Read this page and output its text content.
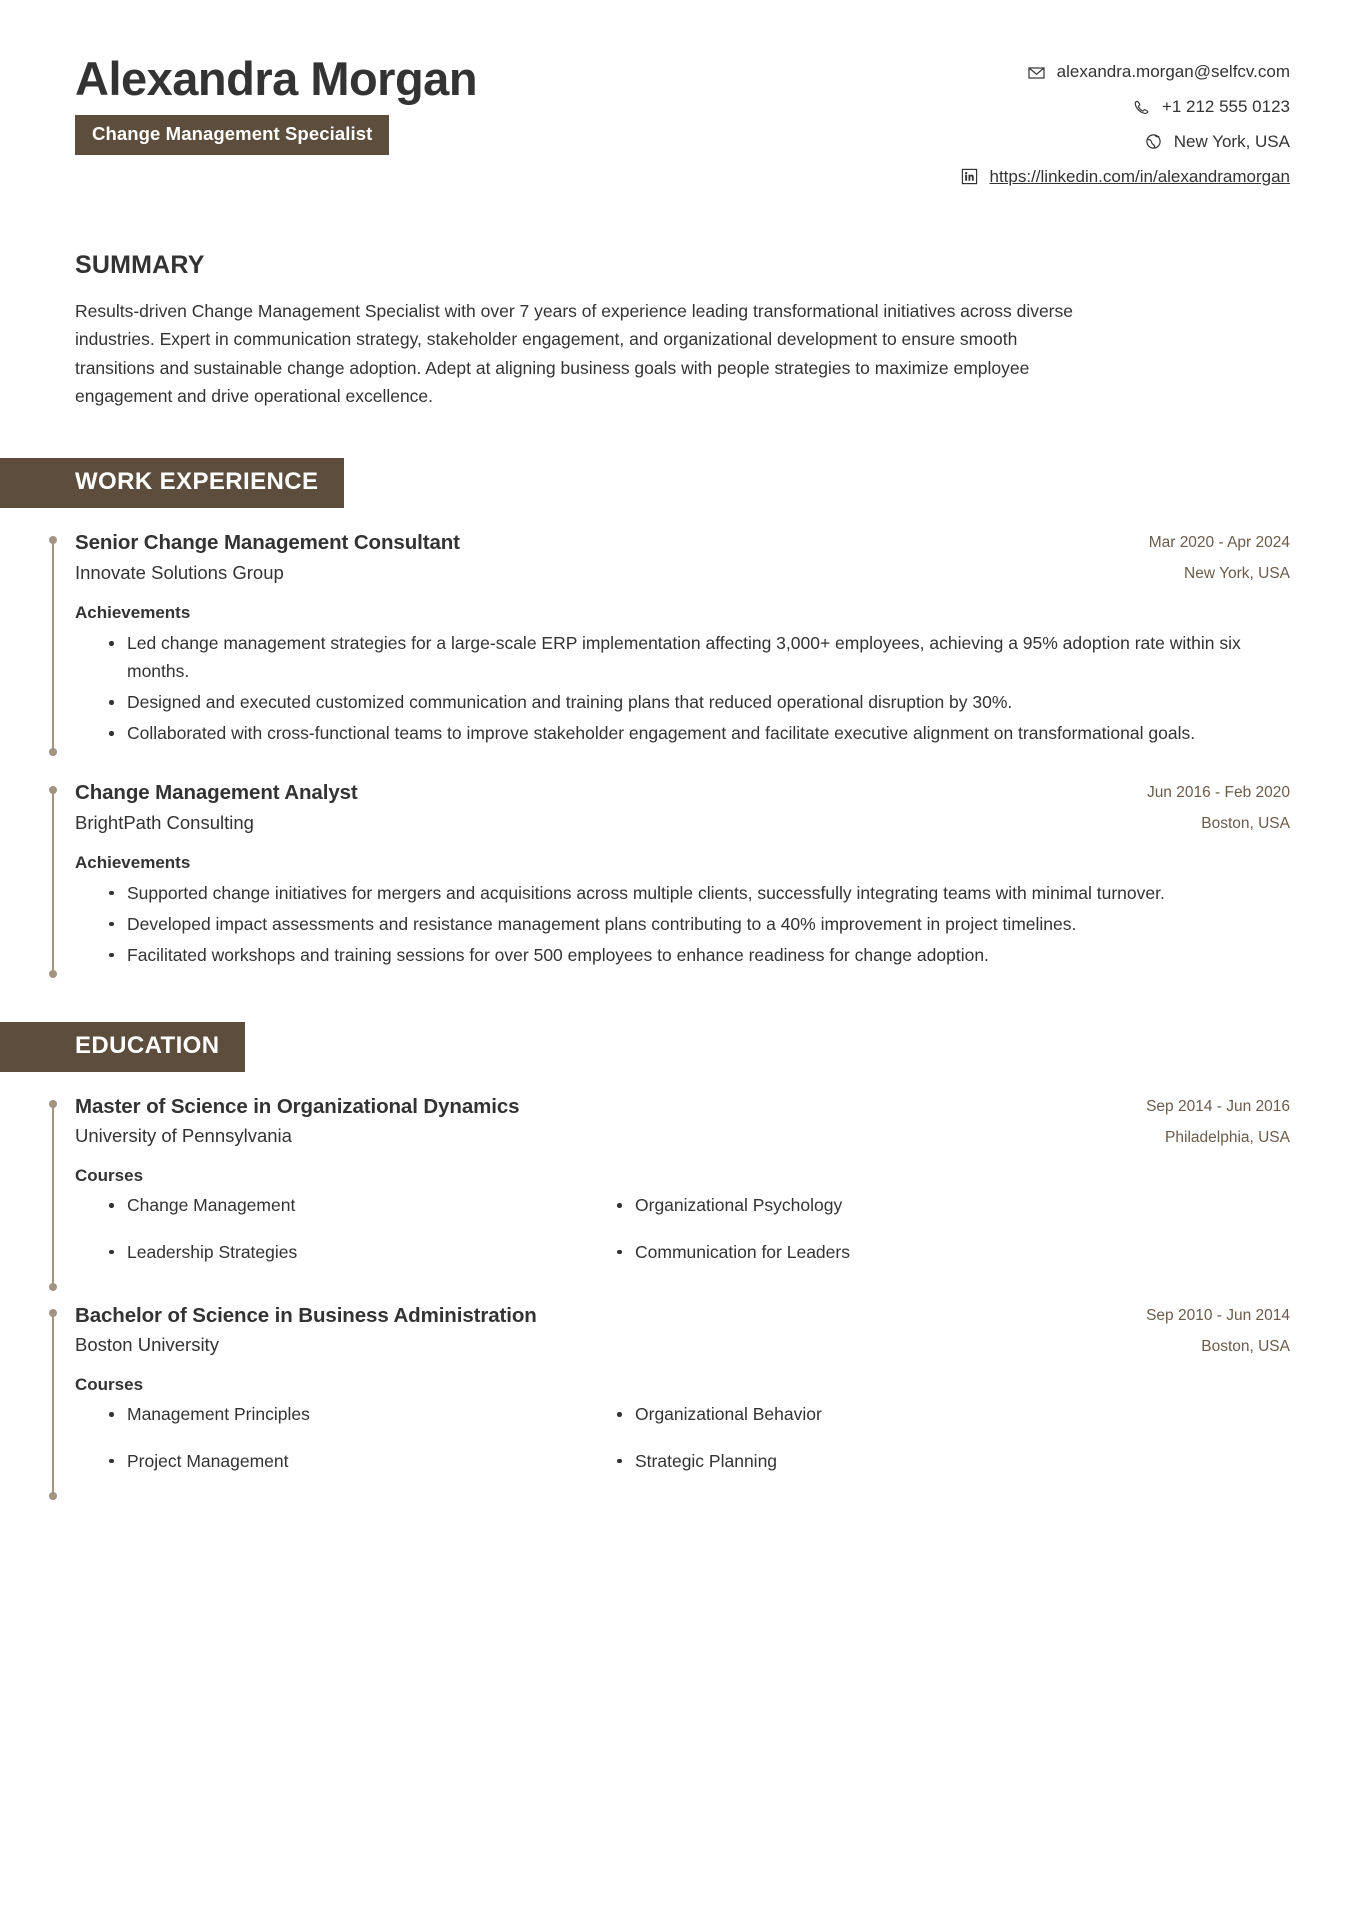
Alexandra Morgan
Change Management Specialist
alexandra.morgan@selfcv.com
+1 212 555 0123
New York, USA
https://linkedin.com/in/alexandramorgan
SUMMARY

Results-driven Change Management Specialist with over 7 years of experience leading transformational initiatives across diverse industries. Expert in communication strategy, stakeholder engagement, and organizational development to ensure smooth transitions and sustainable change adoption. Adept at aligning business goals with people strategies to maximize employee engagement and drive operational excellence.

WORK EXPERIENCE
Senior Change Management Consultant
Innovate Solutions Group
Mar 2020 - Apr 2024
New York, USA
Achievements
Led change management strategies for a large-scale ERP implementation affecting 3,000+ employees, achieving a 95% adoption rate within six months.
Designed and executed customized communication and training plans that reduced operational disruption by 30%.
Collaborated with cross-functional teams to improve stakeholder engagement and facilitate executive alignment on transformational goals.
Change Management Analyst
BrightPath Consulting
Jun 2016 - Feb 2020
Boston, USA
Achievements
Supported change initiatives for mergers and acquisitions across multiple clients, successfully integrating teams with minimal turnover.
Developed impact assessments and resistance management plans contributing to a 40% improvement in project timelines.
Facilitated workshops and training sessions for over 500 employees to enhance readiness for change adoption.
EDUCATION
Master of Science in Organizational Dynamics
University of Pennsylvania
Sep 2014 - Jun 2016
Philadelphia, USA
Courses
Change Management	Organizational Psychology
Leadership Strategies	Communication for Leaders
Bachelor of Science in Business Administration
Boston University
Sep 2010 - Jun 2014
Boston, USA
Courses
Management Principles	Organizational Behavior
Project Management	Strategic Planning
